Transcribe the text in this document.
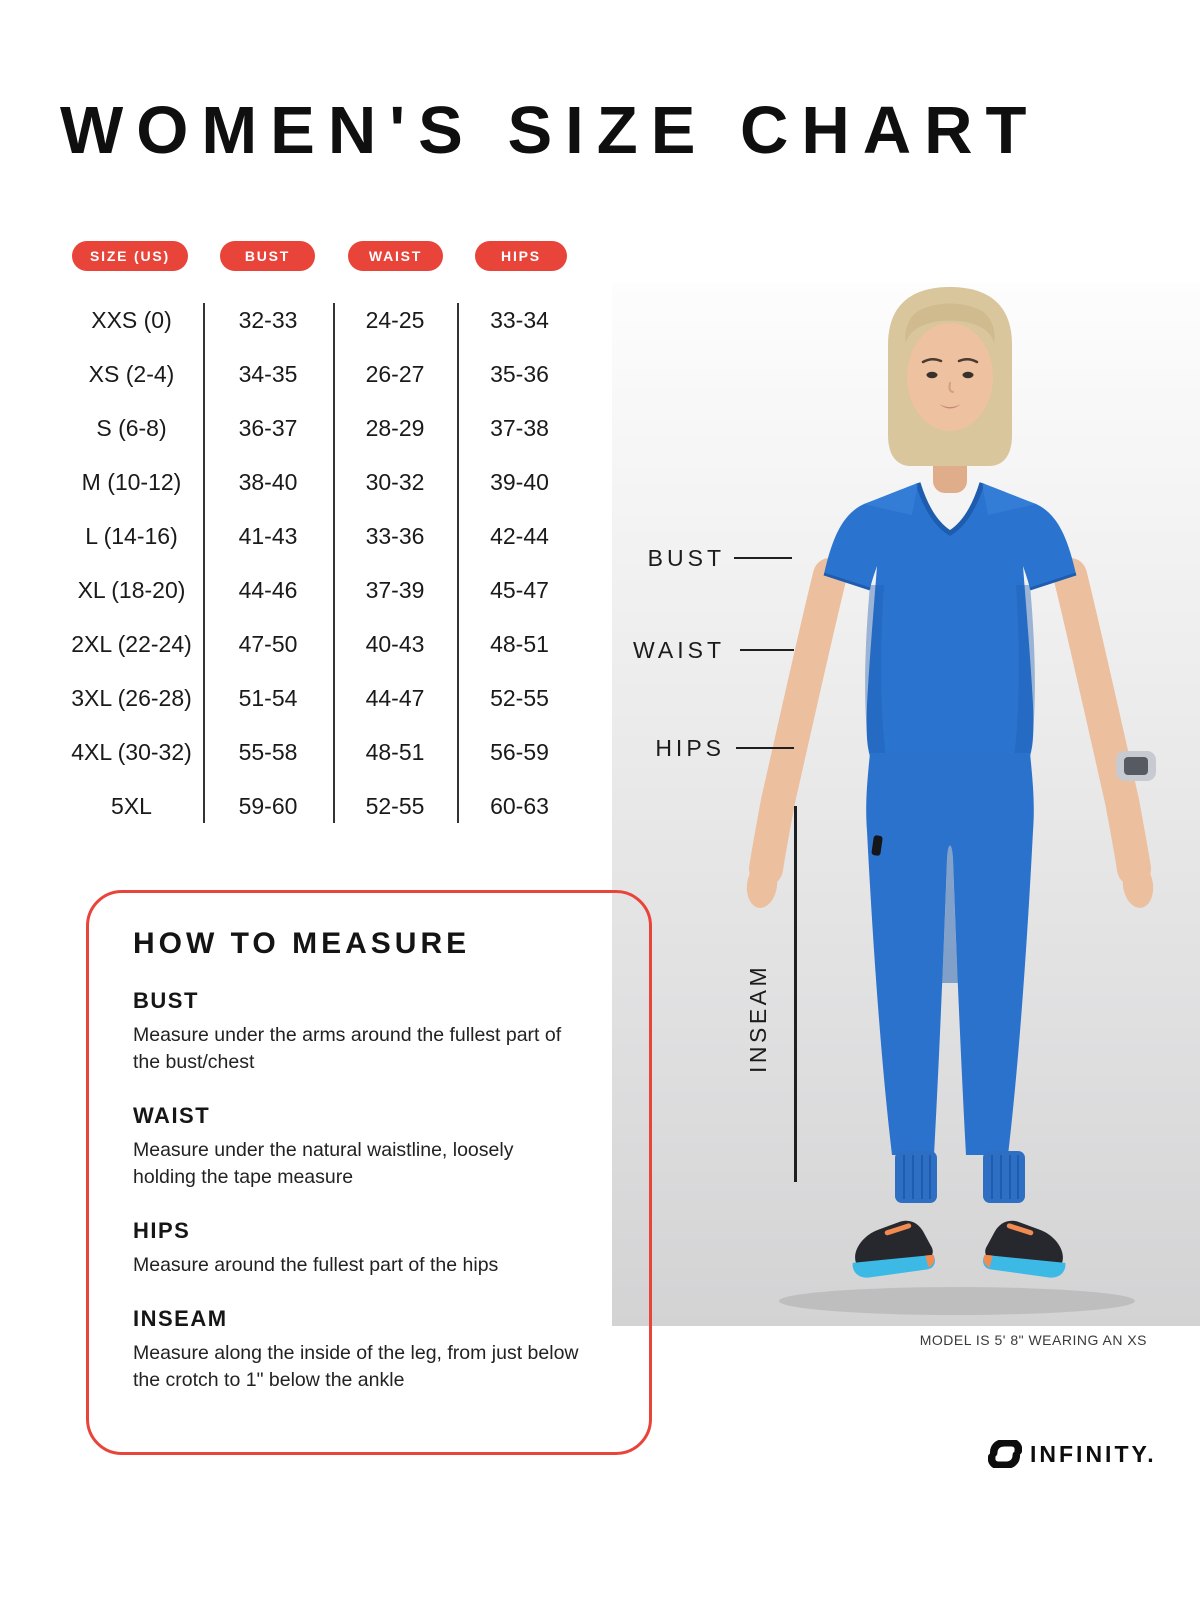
WOMEN'S SIZE CHART
SIZE (US)	BUST	WAIST	HIPS
XXS (0)	32-33	24-25	33-34
XS (2-4)	34-35	26-27	35-36
S (6-8)	36-37	28-29	37-38
M (10-12)	38-40	30-32	39-40
L (14-16)	41-43	33-36	42-44
XL (18-20)	44-46	37-39	45-47
2XL (22-24)	47-50	40-43	48-51
3XL (26-28)	51-54	44-47	52-55
4XL (30-32)	55-58	48-51	56-59
5XL	59-60	52-55	60-63
BUST
WAIST
HIPS
INSEAM
HOW TO MEASURE
BUST
Measure under the arms around the fullest part of the bust/chest
WAIST
Measure under the natural waistline, loosely holding the tape measure
HIPS
Measure around the fullest part of the hips
INSEAM
Measure along the inside of the leg, from just below the crotch to 1" below the ankle
MODEL IS 5' 8" WEARING AN XS
INFINITY.
